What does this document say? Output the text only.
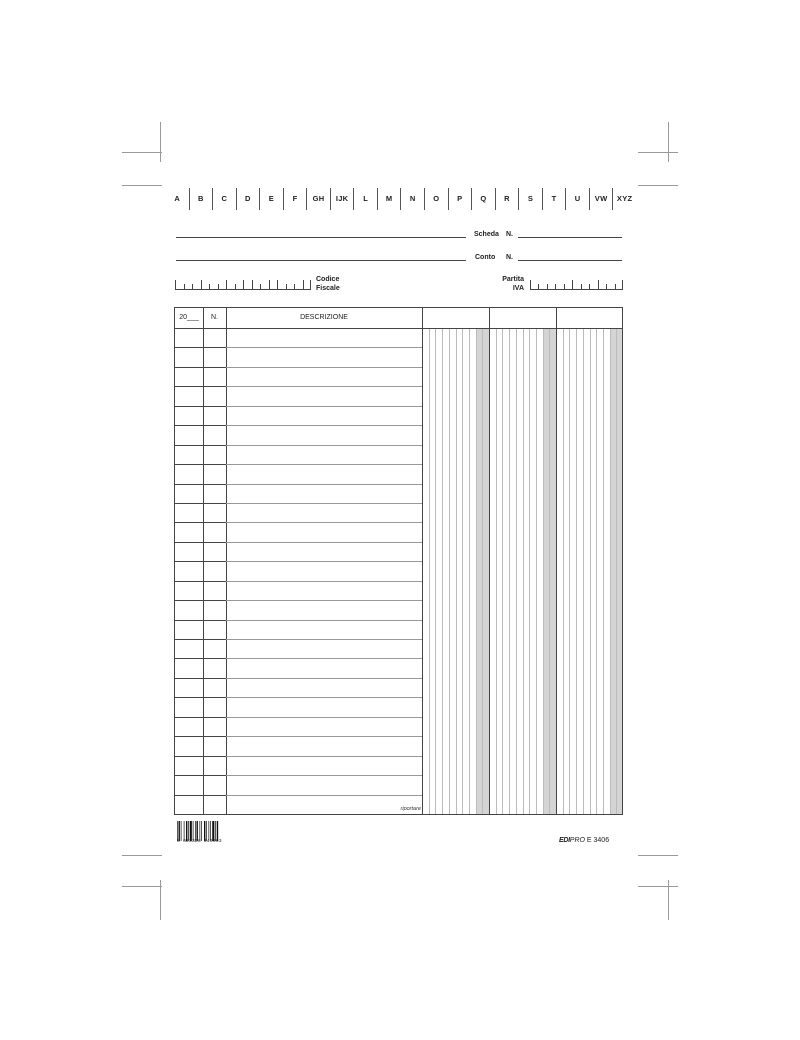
A	B	C	D	E	F	GH	IJK	L	M	N	O	P	Q	R	S	T	U	VW	XYZ
Scheda N.
Conto N.
Codice
Fiscale
Partita
IVA
20___	N.	DESCRIZIONE
riportare
8 023328 340603	EDIPRO E 3406
